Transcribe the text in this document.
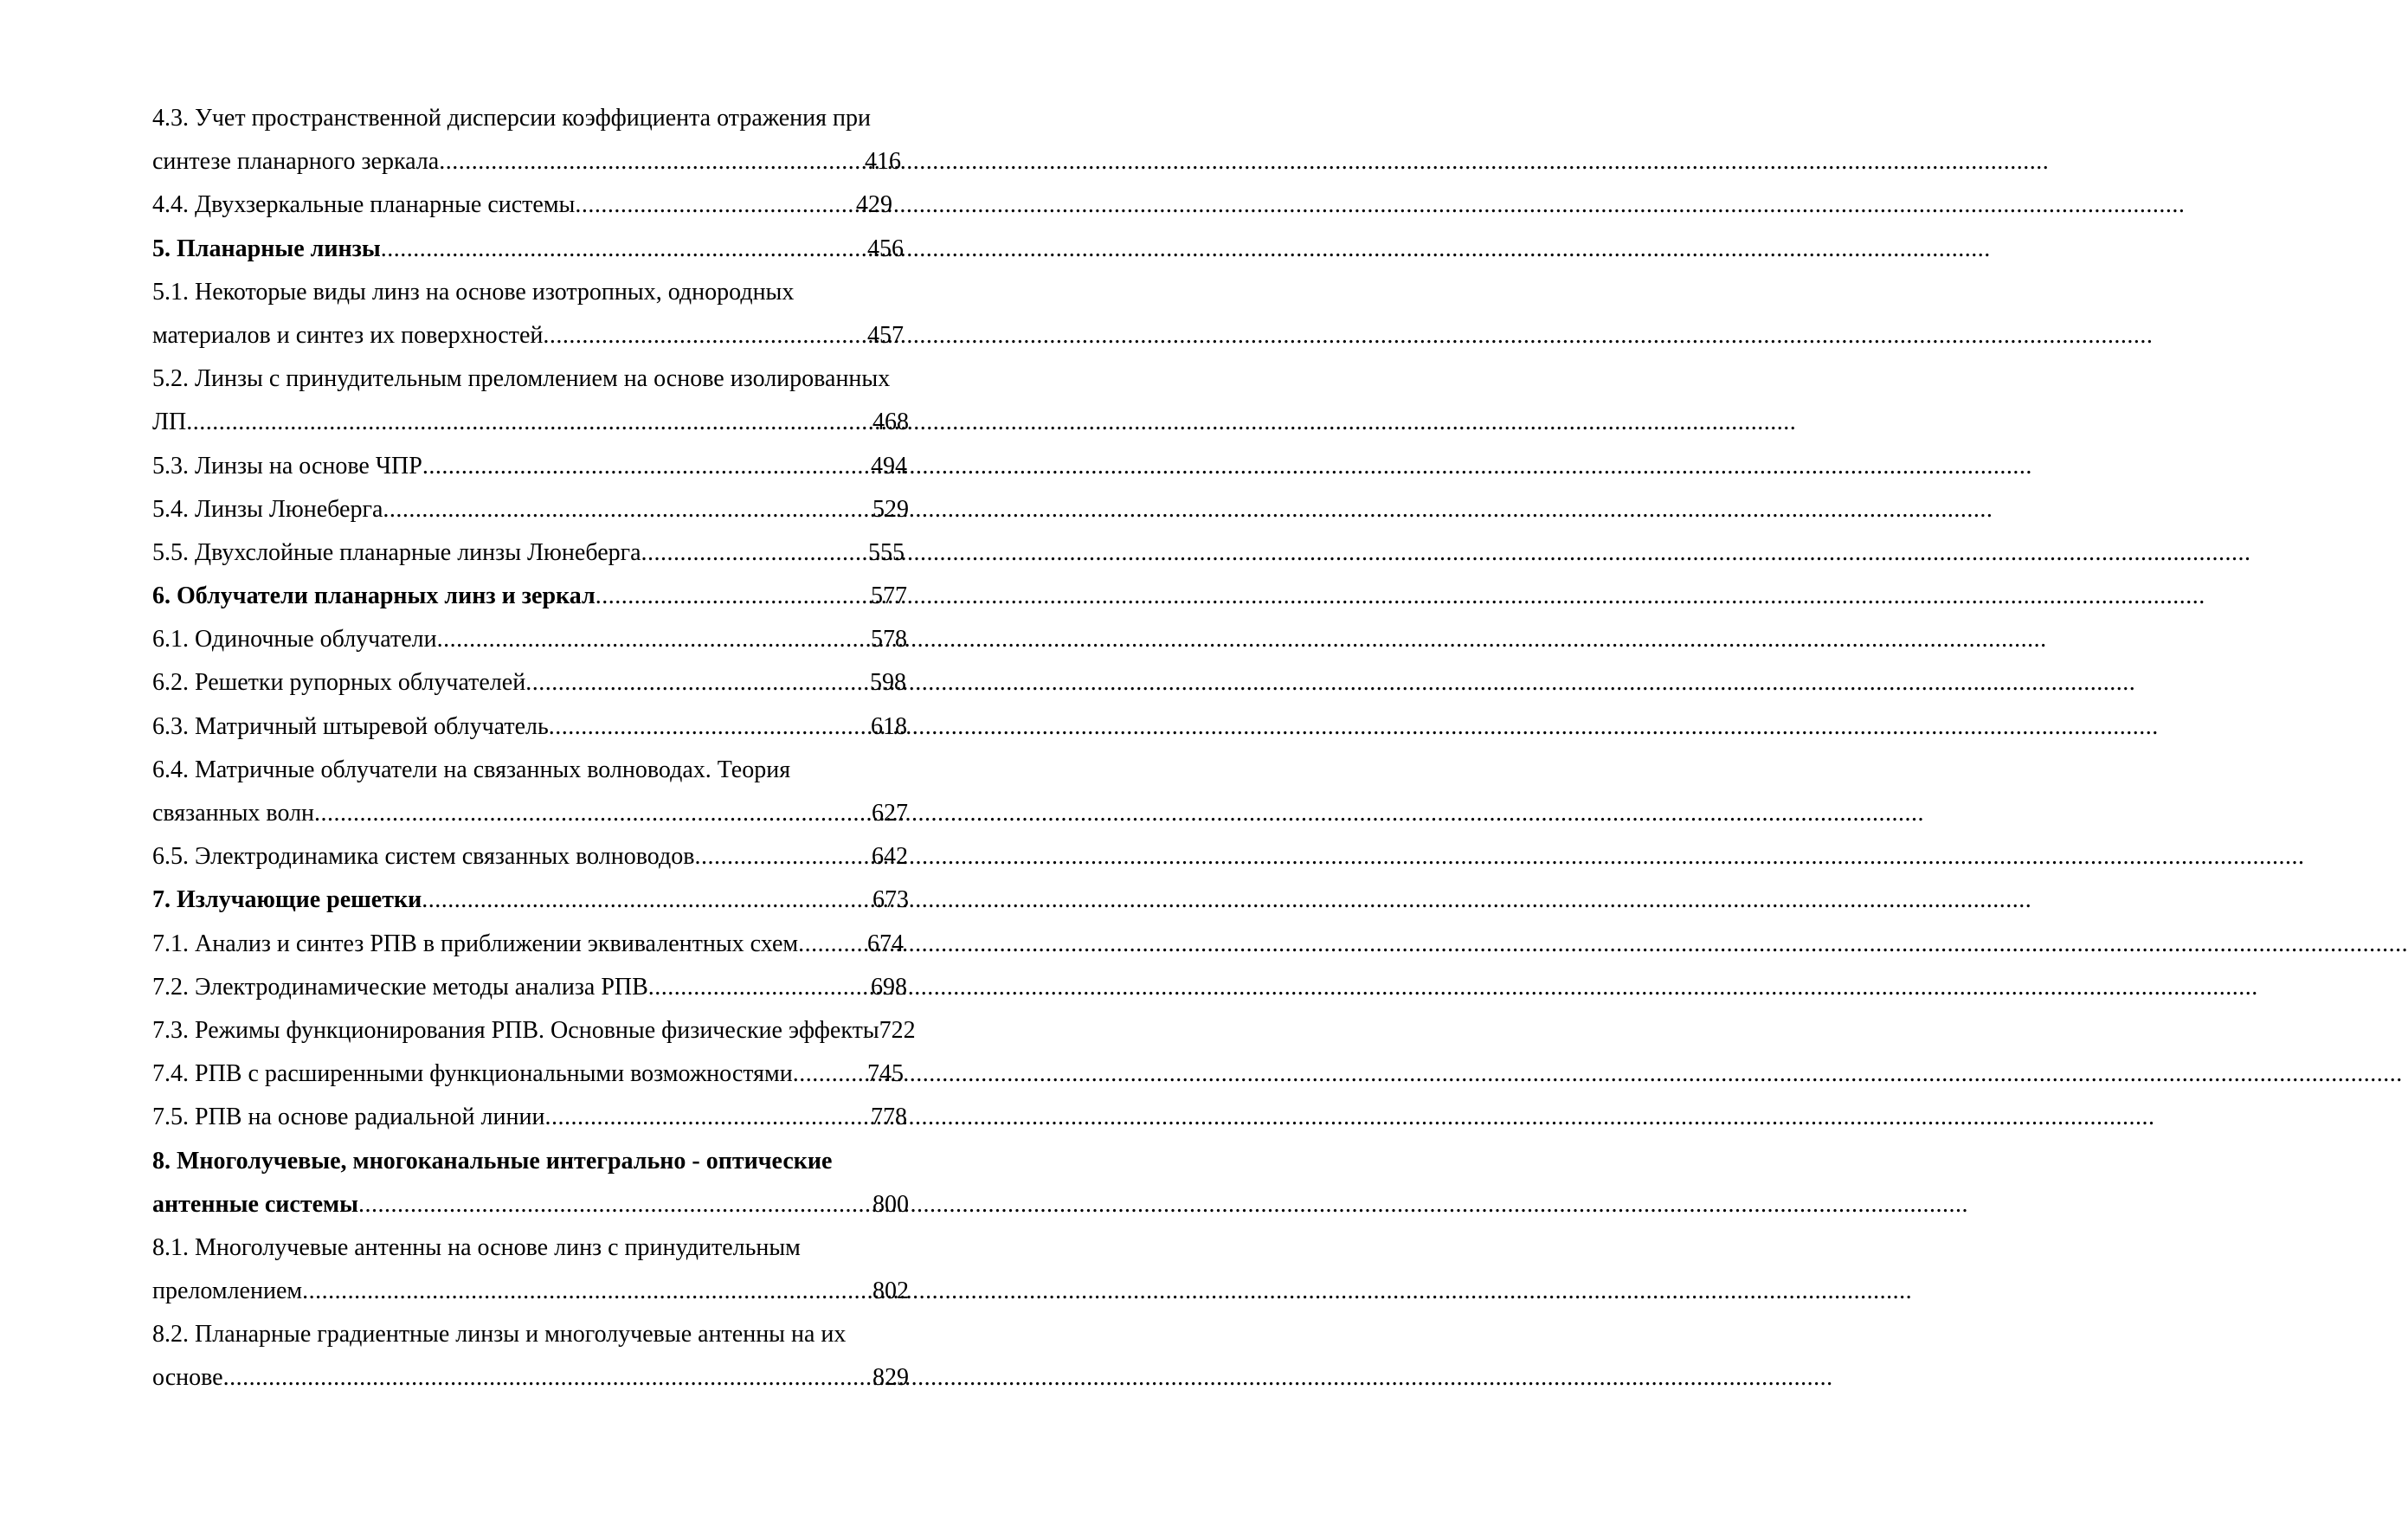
4.3. Учет пространственной дисперсии коэффициента отражения при
синтезе планарного зеркала .....	416
4.4. Двухзеркальные планарные системы .....	429
5. Планарные линзы .....	456
5.1. Некоторые виды линз на основе изотропных, однородных
материалов и синтез их поверхностей .....	457
5.2. Линзы с принудительным преломлением на основе изолированных
ЛП .....	468
5.3. Линзы на основе ЧПР .....	494
5.4. Линзы Люнеберга .....	529
5.5. Двухслойные планарные линзы Люнеберга .....	555
6. Облучатели планарных линз и зеркал .....	577
6.1. Одиночные облучатели .....	578
6.2. Решетки рупорных облучателей .....	598
6.3. Матричный штыревой облучатель .....	618
6.4. Матричные облучатели на связанных волноводах. Теория
связанных волн .....	627
6.5. Электродинамика систем связанных волноводов .....	642
7. Излучающие решетки .....	673
7.1. Анализ и синтез РПВ в приближении эквивалентных схем .....	674
7.2. Электродинамические методы анализа РПВ .....	698
7.3. Режимы функционирования РПВ. Основные физические эффекты 722
7.4. РПВ с расширенными функциональными возможностями .....	745
7.5. РПВ на основе радиальной линии .....	778
8. Многолучевые, многоканальные интегрально - оптические
антенные системы .....	800
8.1. Многолучевые антенны на основе линз с принудительным
преломлением .....	802
8.2. Планарные градиентные линзы и многолучевые антенны на их
основе .....	829
